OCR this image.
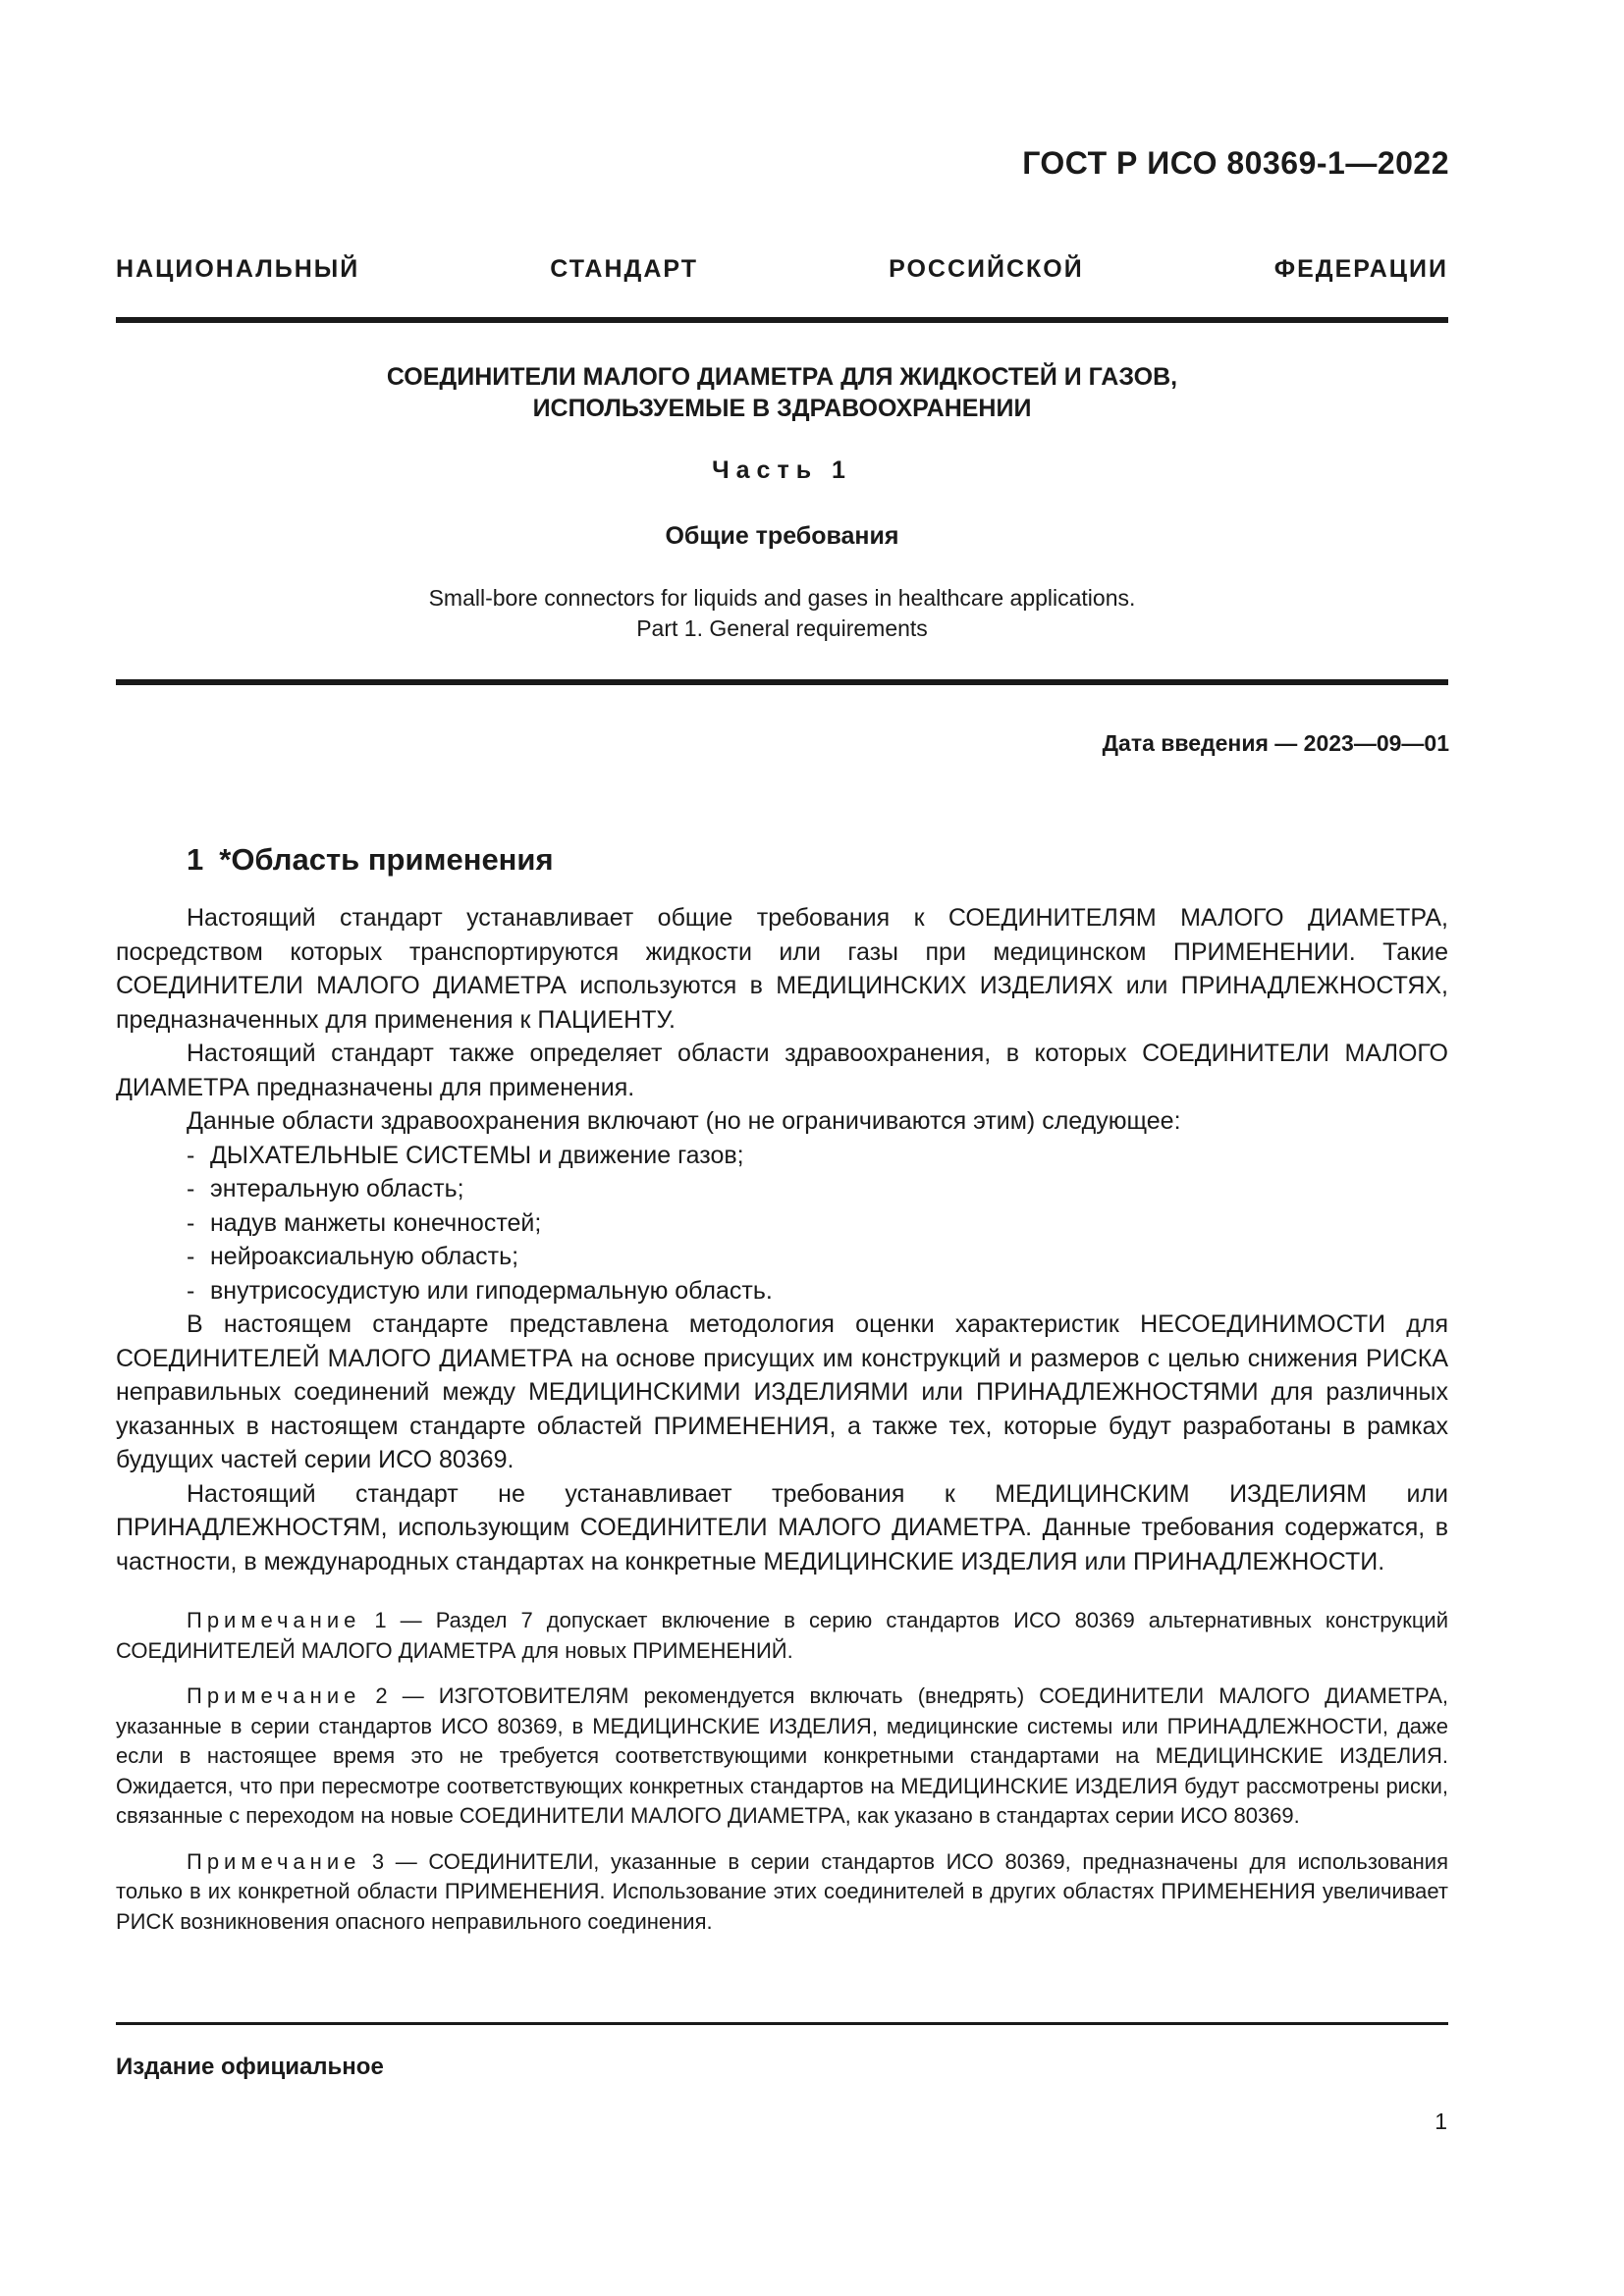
ГОСТ Р ИСО 80369-1—2022
НАЦИОНАЛЬНЫЙ СТАНДАРТ РОССИЙСКОЙ ФЕДЕРАЦИИ
СОЕДИНИТЕЛИ МАЛОГО ДИАМЕТРА ДЛЯ ЖИДКОСТЕЙ И ГАЗОВ,
ИСПОЛЬЗУЕМЫЕ В ЗДРАВООХРАНЕНИИ
Часть 1
Общие требования
Small-bore connectors for liquids and gases in healthcare applications.
Part 1. General requirements
Дата введения — 2023—09—01
1 *Область применения

Настоящий стандарт устанавливает общие требования к СОЕДИНИТЕЛЯМ МАЛОГО ДИАМЕТРА, посредством которых транспортируются жидкости или газы при медицинском ПРИМЕНЕНИИ. Такие СОЕДИНИТЕЛИ МАЛОГО ДИАМЕТРА используются в МЕДИЦИНСКИХ ИЗДЕЛИЯХ или ПРИНАДЛЕЖНОСТЯХ, предназначенных для применения к ПАЦИЕНТУ.

Настоящий стандарт также определяет области здравоохранения, в которых СОЕДИНИТЕЛИ МАЛОГО ДИАМЕТРА предназначены для применения.

Данные области здравоохранения включают (но не ограничиваются этим) следующее:

- ДЫХАТЕЛЬНЫЕ СИСТЕМЫ и движение газов;
- энтеральную область;
- надув манжеты конечностей;
- нейроаксиальную область;
- внутрисосудистую или гиподермальную область.

В настоящем стандарте представлена методология оценки характеристик НЕСОЕДИНИМОСТИ для СОЕДИНИТЕЛЕЙ МАЛОГО ДИАМЕТРА на основе присущих им конструкций и размеров с целью снижения РИСКА неправильных соединений между МЕДИЦИНСКИМИ ИЗДЕЛИЯМИ или ПРИНАДЛЕЖНОСТЯМИ для различных указанных в настоящем стандарте областей ПРИМЕНЕНИЯ, а также тех, которые будут разработаны в рамках будущих частей серии ИСО 80369.

Настоящий стандарт не устанавливает требования к МЕДИЦИНСКИМ ИЗДЕЛИЯМ или ПРИНАДЛЕЖНОСТЯМ, использующим СОЕДИНИТЕЛИ МАЛОГО ДИАМЕТРА. Данные требования содержатся, в частности, в международных стандартах на конкретные МЕДИЦИНСКИЕ ИЗДЕЛИЯ или ПРИНАДЛЕЖНОСТИ.

Примечание 1 — Раздел 7 допускает включение в серию стандартов ИСО 80369 альтернативных конструкций СОЕДИНИТЕЛЕЙ МАЛОГО ДИАМЕТРА для новых ПРИМЕНЕНИЙ.

Примечание 2 — ИЗГОТОВИТЕЛЯМ рекомендуется включать (внедрять) СОЕДИНИТЕЛИ МАЛОГО ДИАМЕТРА, указанные в серии стандартов ИСО 80369, в МЕДИЦИНСКИЕ ИЗДЕЛИЯ, медицинские системы или ПРИНАДЛЕЖНОСТИ, даже если в настоящее время это не требуется соответствующими конкретными стандартами на МЕДИЦИНСКИЕ ИЗДЕЛИЯ. Ожидается, что при пересмотре соответствующих конкретных стандартов на МЕДИЦИНСКИЕ ИЗДЕЛИЯ будут рассмотрены риски, связанные с переходом на новые СОЕДИНИТЕЛИ МАЛОГО ДИАМЕТРА, как указано в стандартах серии ИСО 80369.

Примечание 3 — СОЕДИНИТЕЛИ, указанные в серии стандартов ИСО 80369, предназначены для использования только в их конкретной области ПРИМЕНЕНИЯ. Использование этих соединителей в других областях ПРИМЕНЕНИЯ увеличивает РИСК возникновения опасного неправильного соединения.

Издание официальное
1
